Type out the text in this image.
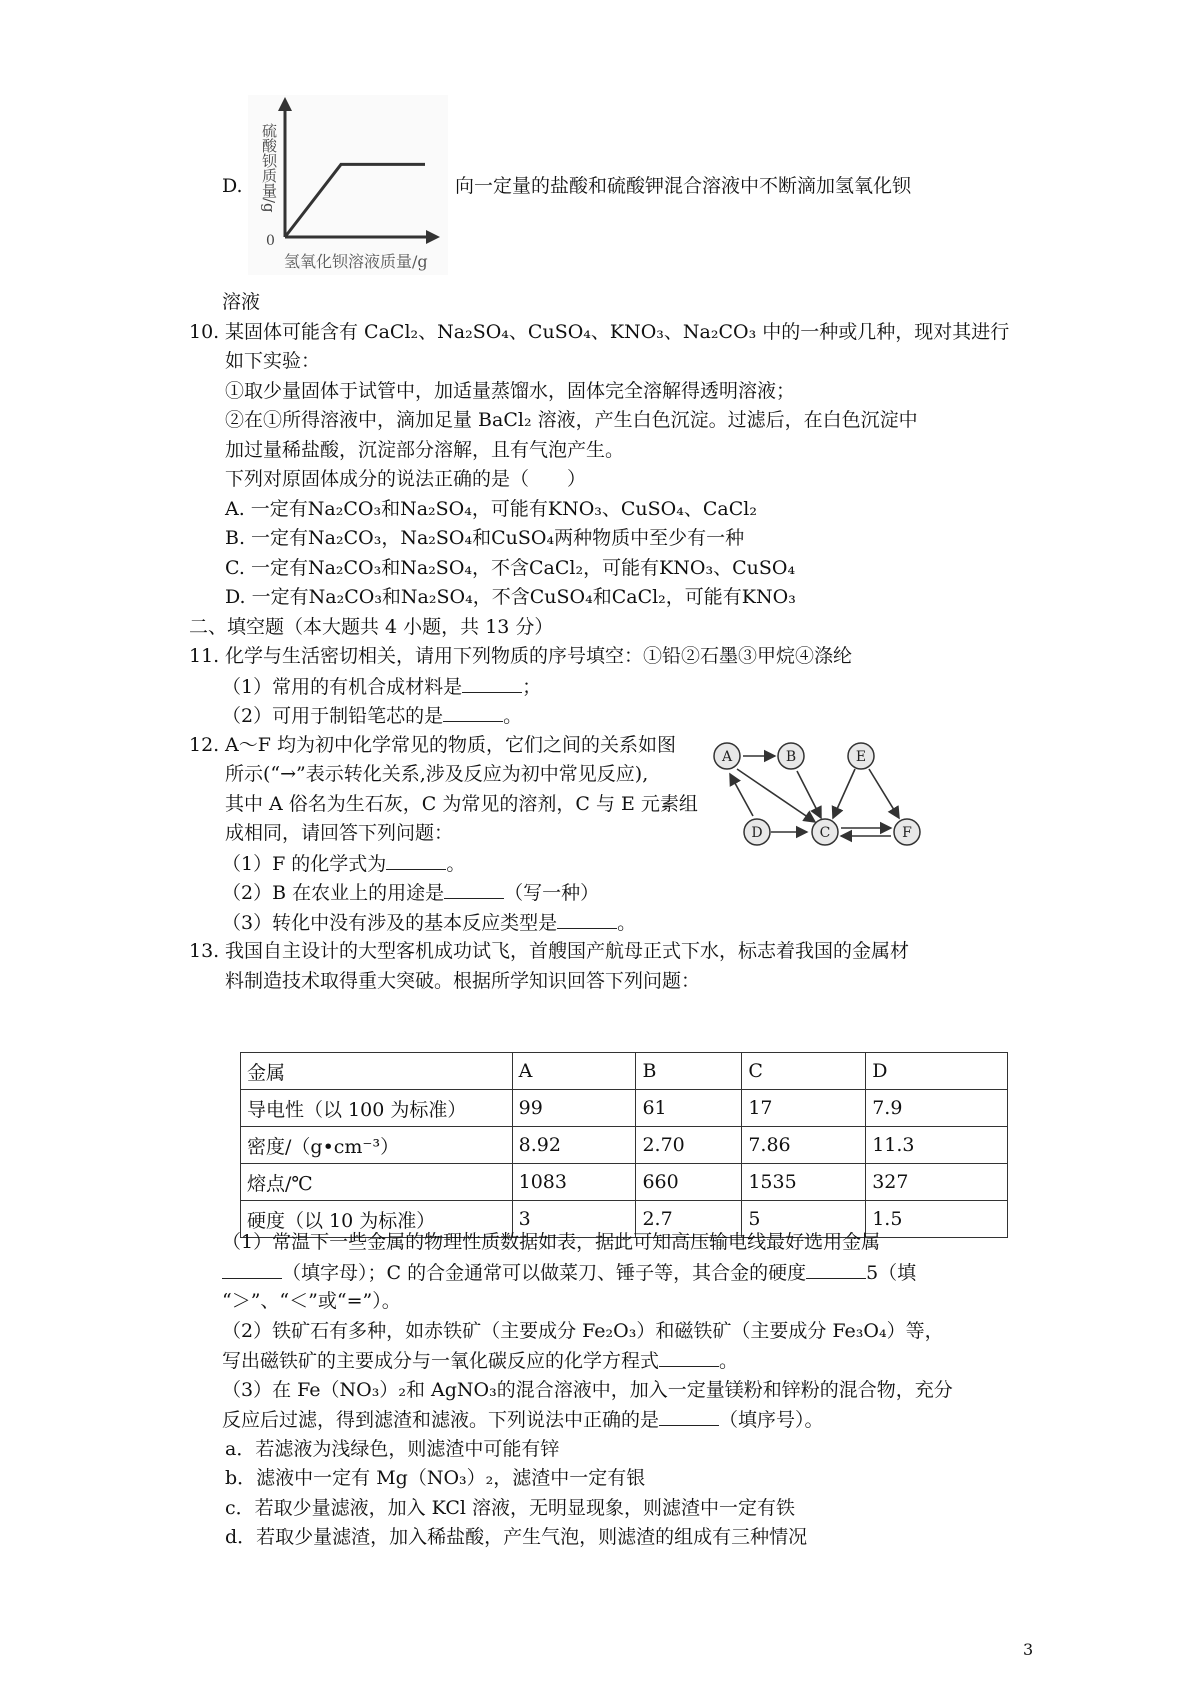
D. 硫酸钡质量/g
0
氢氧化钡溶液质量/g
向一定量的盐酸和硫酸钾混合溶液中不断滴加氢氧化钡
溶液
10. 某固体可能含有 CaCl₂、Na₂SO₄、CuSO₄、KNO₃、Na₂CO₃ 中的一种或几种，现对其进行
如下实验：
①取少量固体于试管中，加适量蒸馏水，固体完全溶解得透明溶液；
②在①所得溶液中，滴加足量 BaCl₂ 溶液，产生白色沉淀。过滤后，在白色沉淀中
加过量稀盐酸，沉淀部分溶解，且有气泡产生。
下列对原固体成分的说法正确的是（　　）
A. 一定有Na₂CO₃和Na₂SO₄，可能有KNO₃、CuSO₄、CaCl₂
B. 一定有Na₂CO₃，Na₂SO₄和CuSO₄两种物质中至少有一种
C. 一定有Na₂CO₃和Na₂SO₄，不含CaCl₂，可能有KNO₃、CuSO₄
D. 一定有Na₂CO₃和Na₂SO₄，不含CuSO₄和CaCl₂，可能有KNO₃
二、填空题（本大题共 4 小题，共 13 分）
11. 化学与生活密切相关，请用下列物质的序号填空：①铅②石墨③甲烷④涤纶
（1）常用的有机合成材料是	；
（2）可用于制铅笔芯的是	。
12. A～F 均为初中化学常见的物质，它们之间的关系如图
所示(“→”表示转化关系,涉及反应为初中常见反应),
其中 A 俗名为生石灰，C 为常见的溶剂，C 与 E 元素组
成相同，请回答下列问题：
（1）F 的化学式为	。
（2）B 在农业上的用途是	（写一种）
（3）转化中没有涉及的基本反应类型是	。
A	B	E
D	C	F
13. 我国自主设计的大型客机成功试飞，首艘国产航母正式下水，标志着我国的金属材
料制造技术取得重大突破。根据所学知识回答下列问题：
金属	A	B	C	D
导电性（以 100 为标准）	99	61	17	7.9
密度/（g•cm⁻³）	8.92	2.70	7.86	11.3
熔点/℃	1083	660	1535	327
硬度（以 10 为标准）	3	2.7	5	1.5
（1）常温下一些金属的物理性质数据如表，据此可知高压输电线最好选用金属
（填字母）；C 的合金通常可以做菜刀、锤子等，其合金的硬度	5（填
“＞”、“＜”或“=”）。
（2）铁矿石有多种，如赤铁矿（主要成分 Fe₂O₃）和磁铁矿（主要成分 Fe₃O₄）等，
写出磁铁矿的主要成分与一氧化碳反应的化学方程式	。
（3）在 Fe（NO₃）₂和 AgNO₃的混合溶液中，加入一定量镁粉和锌粉的混合物，充分
反应后过滤，得到滤渣和滤液。下列说法中正确的是	（填序号）。
a．若滤液为浅绿色，则滤渣中可能有锌
b．滤液中一定有 Mg（NO₃）₂，滤渣中一定有银
c．若取少量滤液，加入 KCl 溶液，无明显现象，则滤渣中一定有铁
d．若取少量滤渣，加入稀盐酸，产生气泡，则滤渣的组成有三种情况
3
